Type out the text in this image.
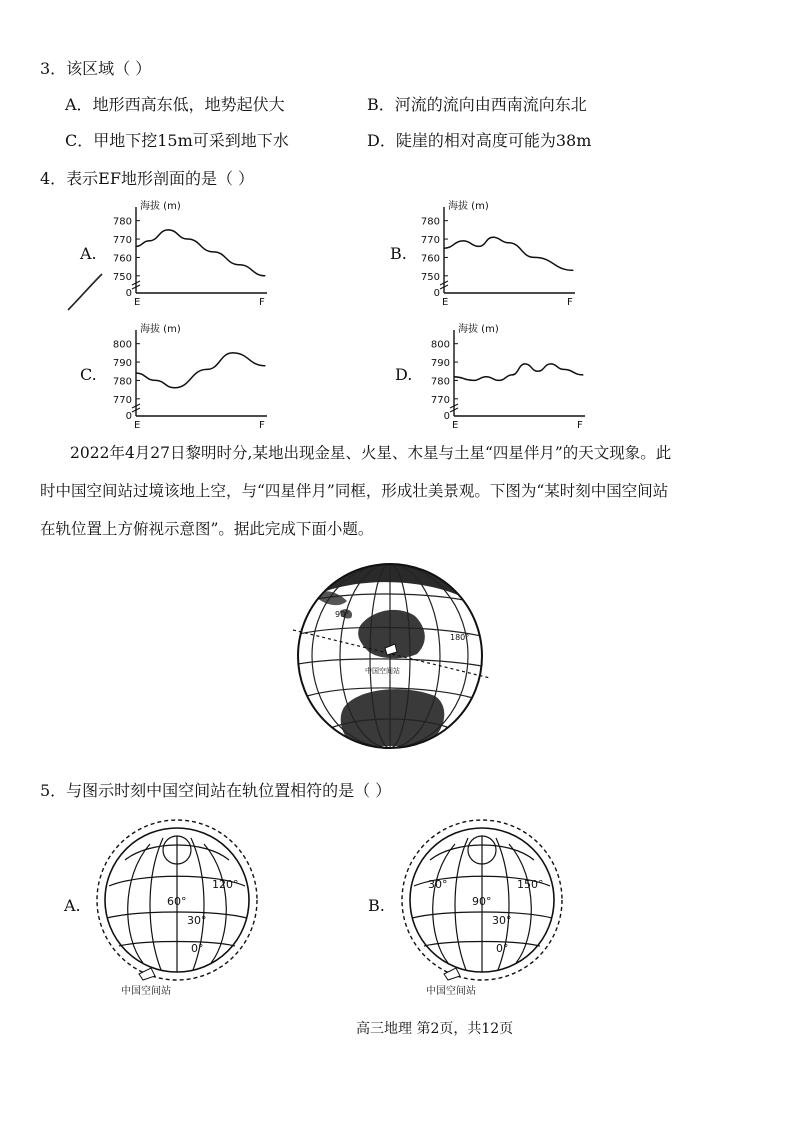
3．该区域（ ）
A．地形西高东低，地势起伏大	B．河流的流向由西南流向东北
C．甲地下挖15m可采到地下水	D．陡崖的相对高度可能为38m
4．表示EF地形剖面的是（ ）
A.	B.
C.	D.
海拔 (m)
750
760
770
780
0
E	F
海拔 (m)
750
760
770
780
0
E	F
海拔 (m)
770
780
790
800
0
E	F
海拔 (m)
770
780
790
800
0
E	F
2022年4月27日黎明时分,某地出现金星、火星、木星与土星“四星伴月”的天文现象。此
时中国空间站过境该地上空，与“四星伴月”同框，形成壮美景观。下图为“某时刻中国空间站
在轨位置上方俯视示意图”。据此完成下面小题。
90°
180°
中国空间站
5．与图示时刻中国空间站在轨位置相符的是（ ）
A.	B.
60°
120°
30°
0°
中国空间站
30°
90°
150°
30°
0°
中国空间站
高三地理 第2页，共12页
